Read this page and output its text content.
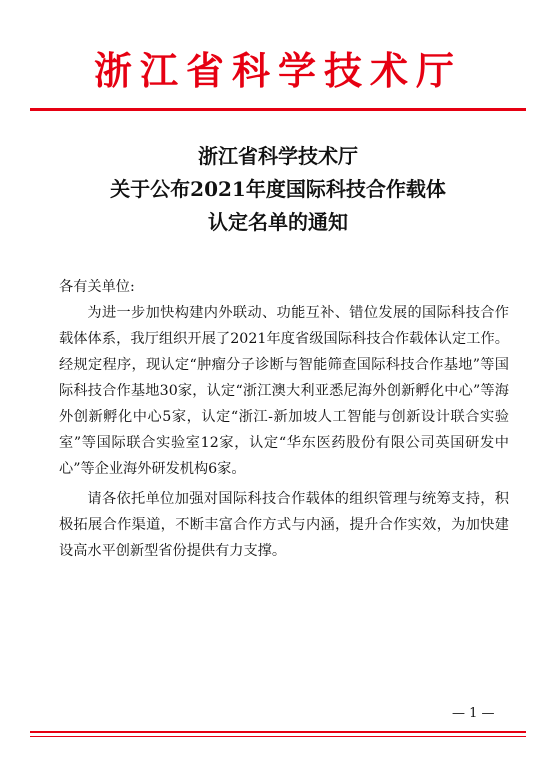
浙江省科学技术厅
浙江省科学技术厅
关于公布2021年度国际科技合作载体
认定名单的通知

各有关单位:

为进一步加快构建内外联动、功能互补、错位发展的国际科技合作载体体系，我厅组织开展了2021年度省级国际科技合作载体认定工作。经规定程序，现认定“肿瘤分子诊断与智能筛查国际科技合作基地”等国际科技合作基地30家，认定“浙江澳大利亚悉尼海外创新孵化中心”等海外创新孵化中心5家，认定“浙江-新加坡人工智能与创新设计联合实验室”等国际联合实验室12家，认定“华东医药股份有限公司英国研发中心”等企业海外研发机构6家。

请各依托单位加强对国际科技合作载体的组织管理与统筹支持，积极拓展合作渠道，不断丰富合作方式与内涵，提升合作实效，为加快建设高水平创新型省份提供有力支撑。

— 1 —
